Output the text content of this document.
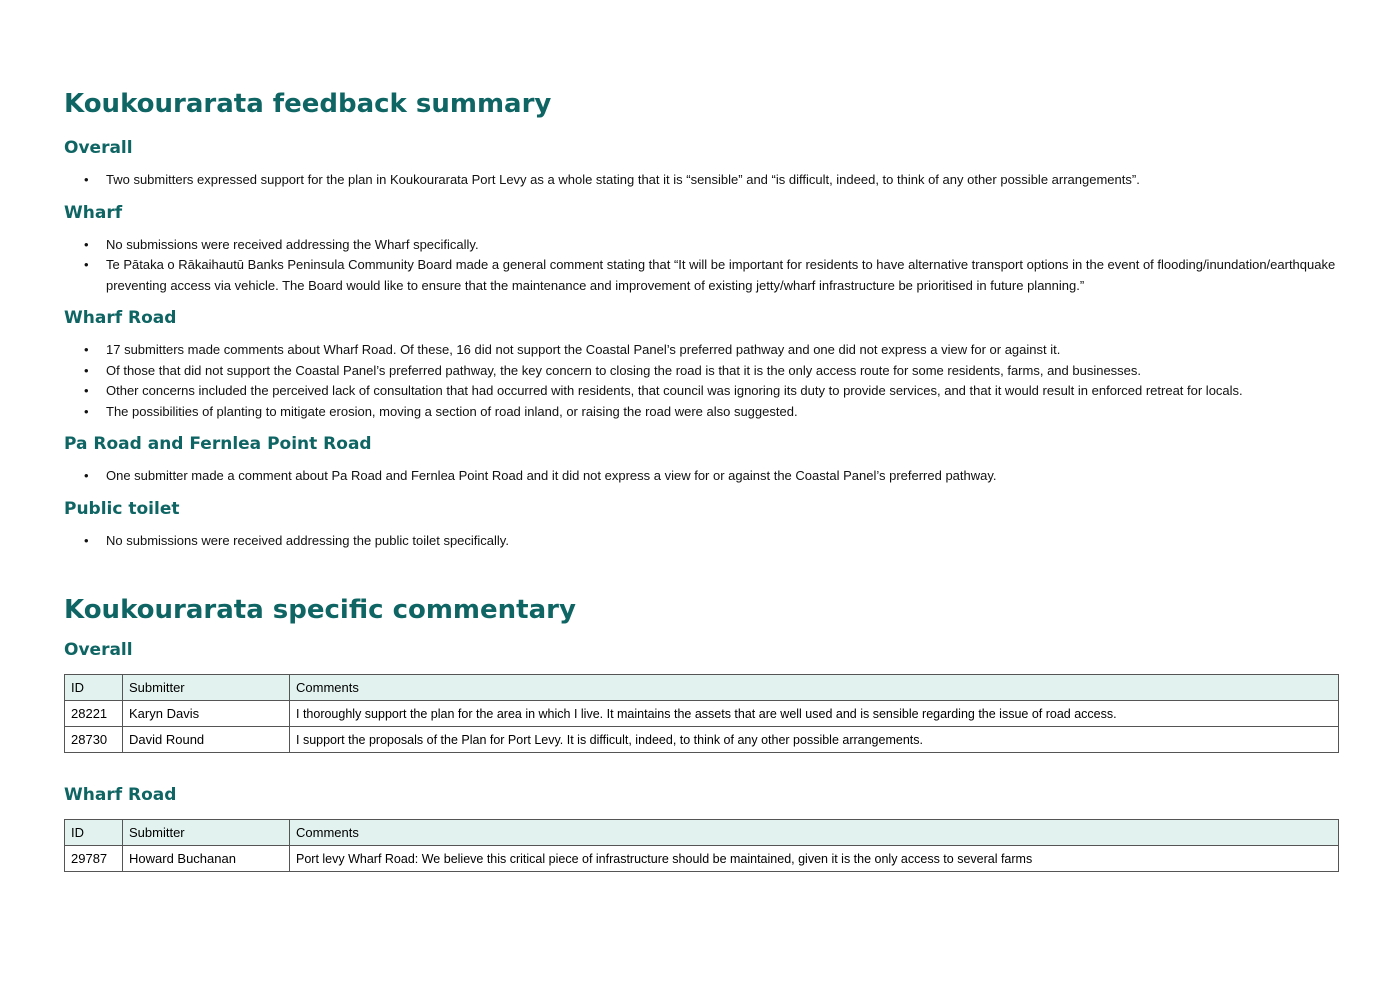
Koukourarata feedback summary
Overall
• Two submitters expressed support for the plan in Koukourarata Port Levy as a whole stating that it is “sensible” and “is difficult, indeed, to think of any other possible arrangements”.
Wharf
• No submissions were received addressing the Wharf specifically.
• Te Pātaka o Rākaihautū Banks Peninsula Community Board made a general comment stating that “It will be important for residents to have alternative transport options in the event of flooding/inundation/earthquake preventing access via vehicle. The Board would like to ensure that the maintenance and improvement of existing jetty/wharf infrastructure be prioritised in future planning.”
Wharf Road
• 17 submitters made comments about Wharf Road. Of these, 16 did not support the Coastal Panel’s preferred pathway and one did not express a view for or against it.
• Of those that did not support the Coastal Panel’s preferred pathway, the key concern to closing the road is that it is the only access route for some residents, farms, and businesses.
• Other concerns included the perceived lack of consultation that had occurred with residents, that council was ignoring its duty to provide services, and that it would result in enforced retreat for locals.
• The possibilities of planting to mitigate erosion, moving a section of road inland, or raising the road were also suggested.
Pa Road and Fernlea Point Road
• One submitter made a comment about Pa Road and Fernlea Point Road and it did not express a view for or against the Coastal Panel’s preferred pathway.
Public toilet
• No submissions were received addressing the public toilet specifically.
Koukourarata specific commentary
Overall
ID	Submitter	Comments
28221	Karyn Davis	I thoroughly support the plan for the area in which I live. It maintains the assets that are well used and is sensible regarding the issue of road access.
28730	David Round	I support the proposals of the Plan for Port Levy. It is difficult, indeed, to think of any other possible arrangements.
Wharf Road
ID	Submitter	Comments
29787	Howard Buchanan	Port levy Wharf Road: We believe this critical piece of infrastructure should be maintained, given it is the only access to several farms
